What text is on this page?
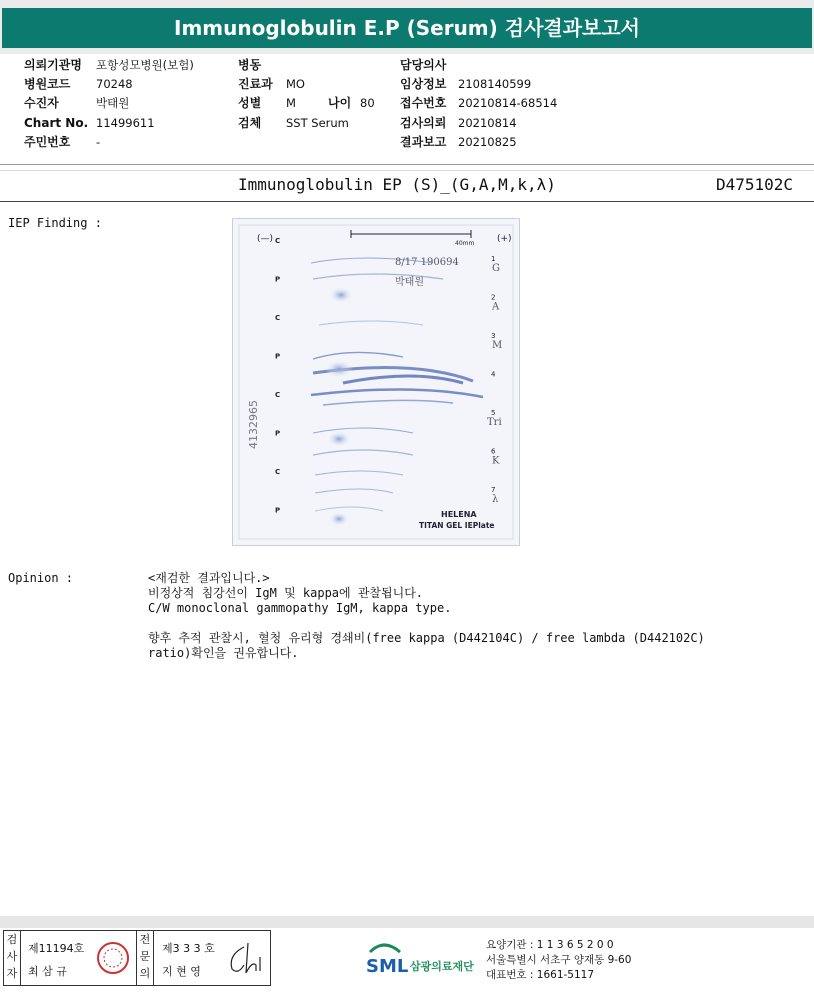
Immunoglobulin E.P (Serum) 검사결과보고서
의뢰기관명 포항성모병원(보험)
병원코드 70248
수진자	박태원
Chart No. 11499611
주민번호 -
병동
진료과 MO
성별 M	나이 80
검체 SST Serum
담당의사
임상정보 2108140599
접수번호 20210814-68514
검사의뢰 20210814
결과보고 20210825
Immunoglobulin EP (S)_(G,A,M,k,λ)	D475102C
IEP Finding :
(—)	(+)
40mm
8/17 190694
박태원
4132965
C
P
C
P
C
P
C
P
1
G
2
A
3
M
4
5
Tri
6
K
7
λ
HELENA
TITAN GEL IEPlate
Opinion :	<재검한 결과입니다.>
비정상적 침강선이 IgM 및 kappa에 관찰됩니다.
C/W monoclonal gammopathy IgM, kappa type.
향후 추적 관찰시, 혈청 유리형 경쇄비(free kappa (D442104C) / free lambda (D442102C)
ratio)확인을 권유합니다.
검
사
자
제11194호
최 삼 규
전
문
의
제3 3 3 호
지 현 영	SML 삼광의료재단
요양기관 : 1 1 3 6 5 2 0 0
서울특별시 서초구 양재동 9-60
대표번호 : 1661-5117
